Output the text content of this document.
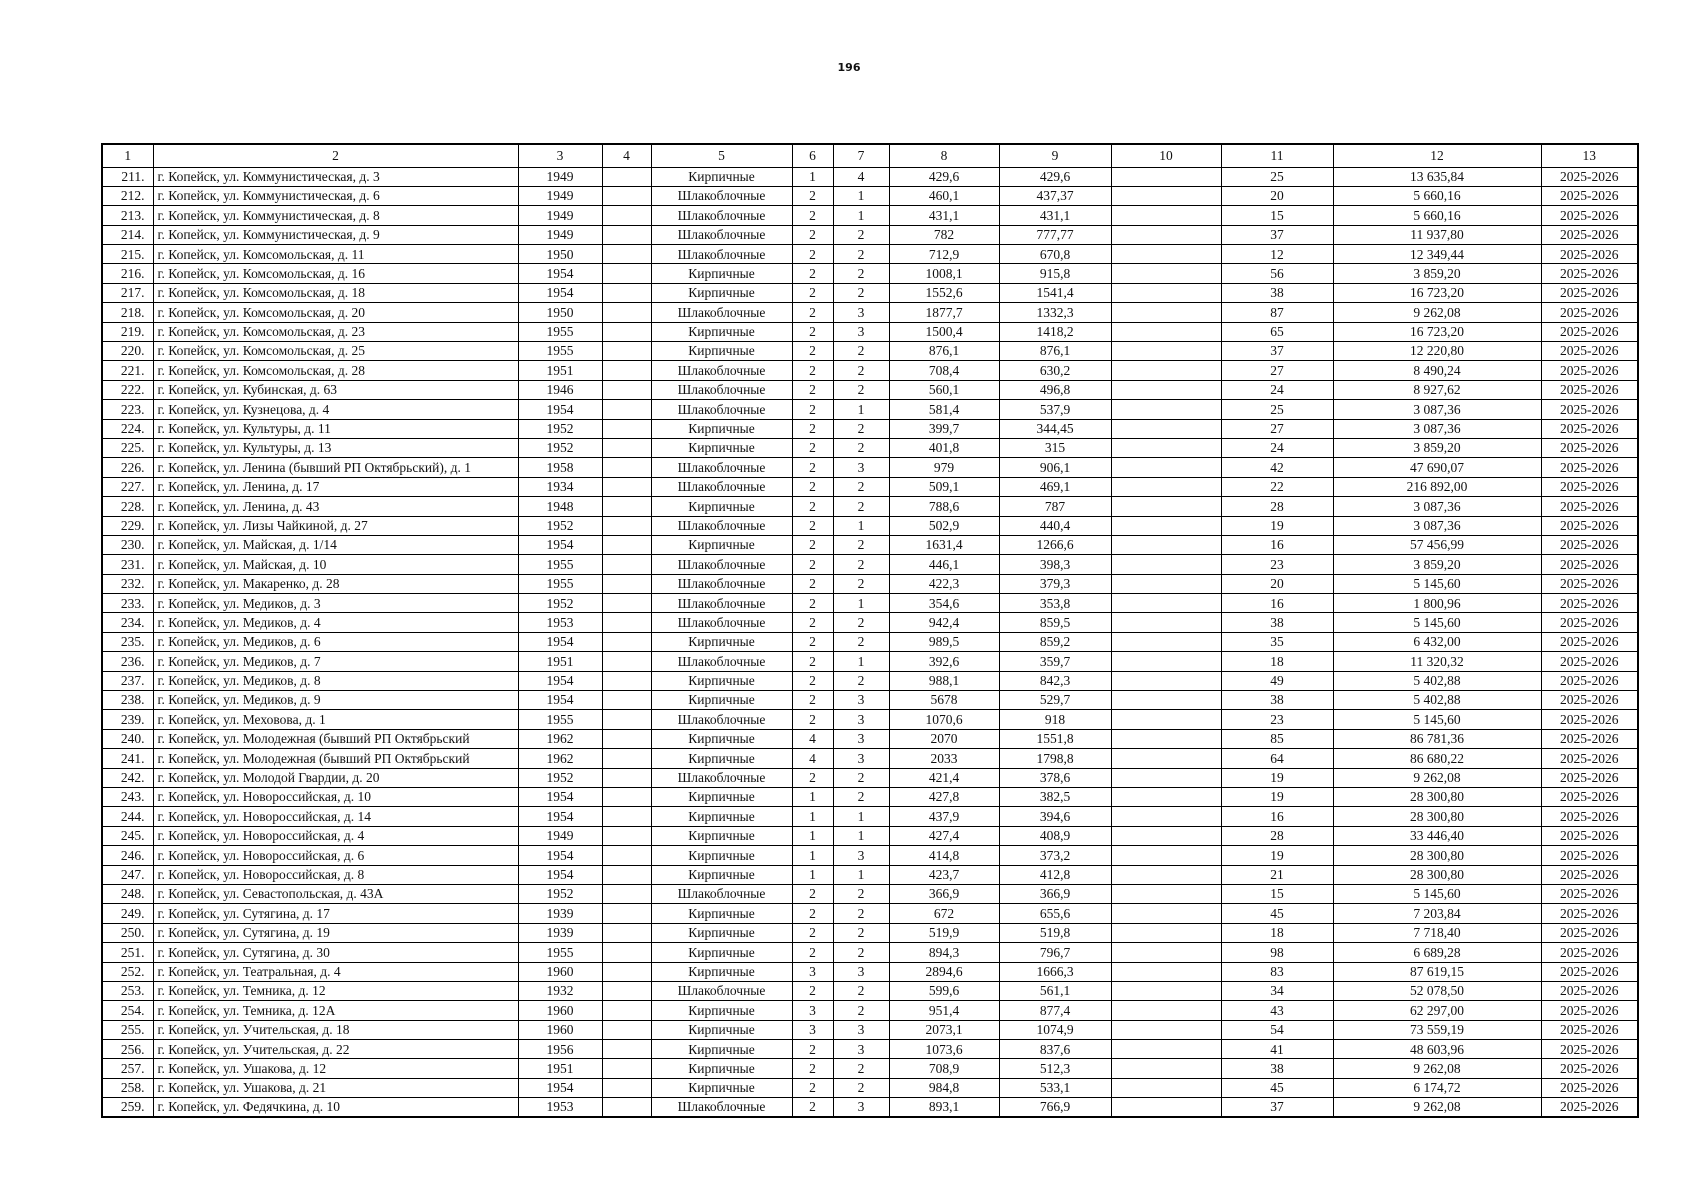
196
1	2	3	4	5	6	7	8	9	10	11	12	13
211.	г. Копейск, ул. Коммунистическая, д. 3	1949		Кирпичные	1	4	429,6	429,6		25	13 635,84	2025-2026
212.	г. Копейск, ул. Коммунистическая, д. 6	1949		Шлакоблочные	2	1	460,1	437,37		20	5 660,16	2025-2026
213.	г. Копейск, ул. Коммунистическая, д. 8	1949		Шлакоблочные	2	1	431,1	431,1		15	5 660,16	2025-2026
214.	г. Копейск, ул. Коммунистическая, д. 9	1949		Шлакоблочные	2	2	782	777,77		37	11 937,80	2025-2026
215.	г. Копейск, ул. Комсомольская, д. 11	1950		Шлакоблочные	2	2	712,9	670,8		12	12 349,44	2025-2026
216.	г. Копейск, ул. Комсомольская, д. 16	1954		Кирпичные	2	2	1008,1	915,8		56	3 859,20	2025-2026
217.	г. Копейск, ул. Комсомольская, д. 18	1954		Кирпичные	2	2	1552,6	1541,4		38	16 723,20	2025-2026
218.	г. Копейск, ул. Комсомольская, д. 20	1950		Шлакоблочные	2	3	1877,7	1332,3		87	9 262,08	2025-2026
219.	г. Копейск, ул. Комсомольская, д. 23	1955		Кирпичные	2	3	1500,4	1418,2		65	16 723,20	2025-2026
220.	г. Копейск, ул. Комсомольская, д. 25	1955		Кирпичные	2	2	876,1	876,1		37	12 220,80	2025-2026
221.	г. Копейск, ул. Комсомольская, д. 28	1951		Шлакоблочные	2	2	708,4	630,2		27	8 490,24	2025-2026
222.	г. Копейск, ул. Кубинская, д. 63	1946		Шлакоблочные	2	2	560,1	496,8		24	8 927,62	2025-2026
223.	г. Копейск, ул. Кузнецова, д. 4	1954		Шлакоблочные	2	1	581,4	537,9		25	3 087,36	2025-2026
224.	г. Копейск, ул. Культуры, д. 11	1952		Кирпичные	2	2	399,7	344,45		27	3 087,36	2025-2026
225.	г. Копейск, ул. Культуры, д. 13	1952		Кирпичные	2	2	401,8	315		24	3 859,20	2025-2026
226.	г. Копейск, ул. Ленина (бывший РП Октябрьский), д. 1	1958		Шлакоблочные	2	3	979	906,1		42	47 690,07	2025-2026
227.	г. Копейск, ул. Ленина, д. 17	1934		Шлакоблочные	2	2	509,1	469,1		22	216 892,00	2025-2026
228.	г. Копейск, ул. Ленина, д. 43	1948		Кирпичные	2	2	788,6	787		28	3 087,36	2025-2026
229.	г. Копейск, ул. Лизы Чайкиной, д. 27	1952		Шлакоблочные	2	1	502,9	440,4		19	3 087,36	2025-2026
230.	г. Копейск, ул. Майская, д. 1/14	1954		Кирпичные	2	2	1631,4	1266,6		16	57 456,99	2025-2026
231.	г. Копейск, ул. Майская, д. 10	1955		Шлакоблочные	2	2	446,1	398,3		23	3 859,20	2025-2026
232.	г. Копейск, ул. Макаренко, д. 28	1955		Шлакоблочные	2	2	422,3	379,3		20	5 145,60	2025-2026
233.	г. Копейск, ул. Медиков, д. 3	1952		Шлакоблочные	2	1	354,6	353,8		16	1 800,96	2025-2026
234.	г. Копейск, ул. Медиков, д. 4	1953		Шлакоблочные	2	2	942,4	859,5		38	5 145,60	2025-2026
235.	г. Копейск, ул. Медиков, д. 6	1954		Кирпичные	2	2	989,5	859,2		35	6 432,00	2025-2026
236.	г. Копейск, ул. Медиков, д. 7	1951		Шлакоблочные	2	1	392,6	359,7		18	11 320,32	2025-2026
237.	г. Копейск, ул. Медиков, д. 8	1954		Кирпичные	2	2	988,1	842,3		49	5 402,88	2025-2026
238.	г. Копейск, ул. Медиков, д. 9	1954		Кирпичные	2	3	5678	529,7		38	5 402,88	2025-2026
239.	г. Копейск, ул. Меховова, д. 1	1955		Шлакоблочные	2	3	1070,6	918		23	5 145,60	2025-2026
240.	г. Копейск, ул. Молодежная (бывший РП Октябрьский	1962		Кирпичные	4	3	2070	1551,8		85	86 781,36	2025-2026
241.	г. Копейск, ул. Молодежная (бывший РП Октябрьский	1962		Кирпичные	4	3	2033	1798,8		64	86 680,22	2025-2026
242.	г. Копейск, ул. Молодой Гвардии, д. 20	1952		Шлакоблочные	2	2	421,4	378,6		19	9 262,08	2025-2026
243.	г. Копейск, ул. Новороссийская, д. 10	1954		Кирпичные	1	2	427,8	382,5		19	28 300,80	2025-2026
244.	г. Копейск, ул. Новороссийская, д. 14	1954		Кирпичные	1	1	437,9	394,6		16	28 300,80	2025-2026
245.	г. Копейск, ул. Новороссийская, д. 4	1949		Кирпичные	1	1	427,4	408,9		28	33 446,40	2025-2026
246.	г. Копейск, ул. Новороссийская, д. 6	1954		Кирпичные	1	3	414,8	373,2		19	28 300,80	2025-2026
247.	г. Копейск, ул. Новороссийская, д. 8	1954		Кирпичные	1	1	423,7	412,8		21	28 300,80	2025-2026
248.	г. Копейск, ул. Севастопольская, д. 43А	1952		Шлакоблочные	2	2	366,9	366,9		15	5 145,60	2025-2026
249.	г. Копейск, ул. Сутягина, д. 17	1939		Кирпичные	2	2	672	655,6		45	7 203,84	2025-2026
250.	г. Копейск, ул. Сутягина, д. 19	1939		Кирпичные	2	2	519,9	519,8		18	7 718,40	2025-2026
251.	г. Копейск, ул. Сутягина, д. 30	1955		Кирпичные	2	2	894,3	796,7		98	6 689,28	2025-2026
252.	г. Копейск, ул. Театральная, д. 4	1960		Кирпичные	3	3	2894,6	1666,3		83	87 619,15	2025-2026
253.	г. Копейск, ул. Темника, д. 12	1932		Шлакоблочные	2	2	599,6	561,1		34	52 078,50	2025-2026
254.	г. Копейск, ул. Темника, д. 12А	1960		Кирпичные	3	2	951,4	877,4		43	62 297,00	2025-2026
255.	г. Копейск, ул. Учительская, д. 18	1960		Кирпичные	3	3	2073,1	1074,9		54	73 559,19	2025-2026
256.	г. Копейск, ул. Учительская, д. 22	1956		Кирпичные	2	3	1073,6	837,6		41	48 603,96	2025-2026
257.	г. Копейск, ул. Ушакова, д. 12	1951		Кирпичные	2	2	708,9	512,3		38	9 262,08	2025-2026
258.	г. Копейск, ул. Ушакова, д. 21	1954		Кирпичные	2	2	984,8	533,1		45	6 174,72	2025-2026
259.	г. Копейск, ул. Федячкина, д. 10	1953		Шлакоблочные	2	3	893,1	766,9		37	9 262,08	2025-2026
